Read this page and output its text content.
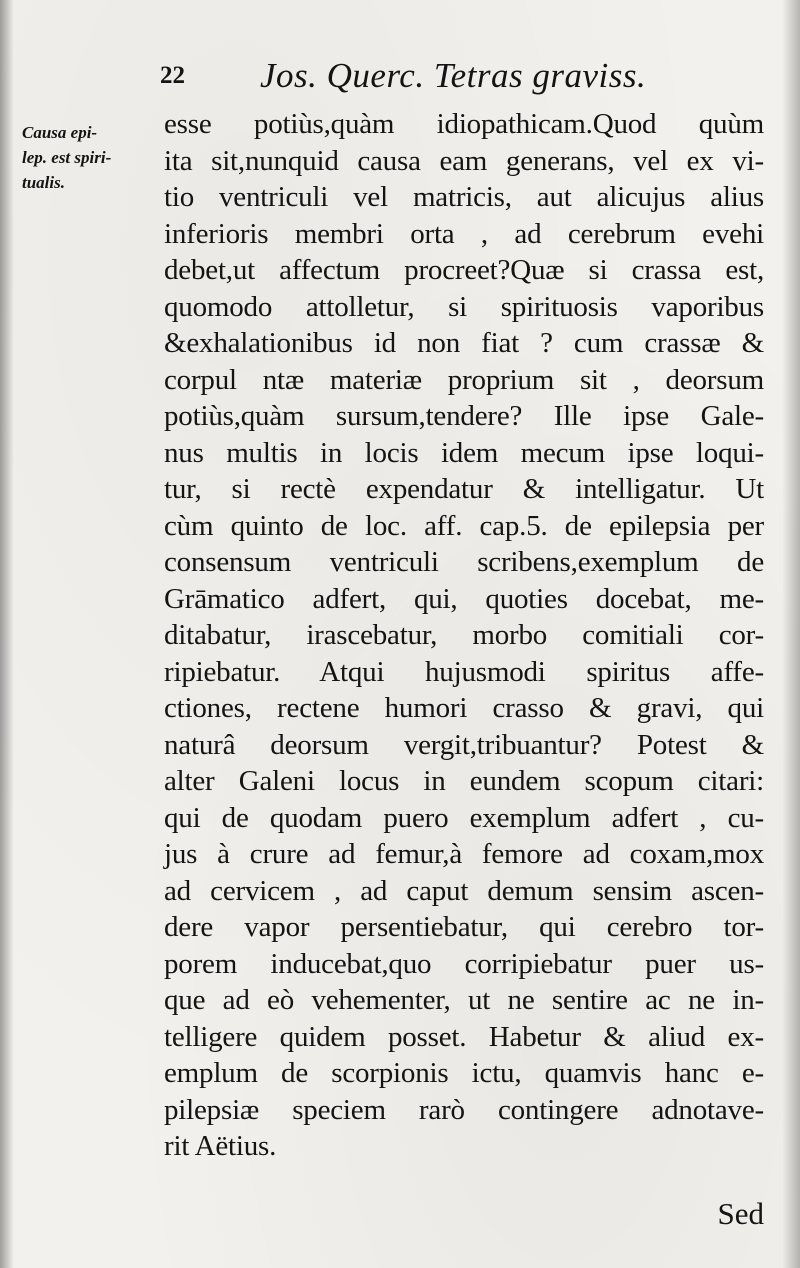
22 Jos. Querc. Tetras graviss.
Causa epi-
lep. est spiri-
tualis.
esse potiùs,quàm idiopathicam.Quod quùm
ita sit,nunquid causa eam generans, vel ex vi-
tio ventriculi vel matricis, aut alicujus alius
inferioris membri orta , ad cerebrum evehi
debet,ut affectum procreet?Quæ si crassa est,
quomodo attolletur, si spirituosis vaporibus
&exhalationibus id non fiat ? cum crassæ &
corpul ntæ materiæ proprium sit , deorsum
potiùs,quàm sursum,tendere? Ille ipse Gale-
nus multis in locis idem mecum ipse loqui-
tur, si rectè expendatur & intelligatur. Ut
cùm quinto de loc. aff. cap.5. de epilepsia per
consensum ventriculi scribens,exemplum de
Grāmatico adfert, qui, quoties docebat, me-
ditabatur, irascebatur, morbo comitiali cor-
ripiebatur. Atqui hujusmodi spiritus affe-
ctiones, rectene humori crasso & gravi, qui
naturâ deorsum vergit,tribuantur? Potest &
alter Galeni locus in eundem scopum citari:
qui de quodam puero exemplum adfert , cu-
jus à crure ad femur,à femore ad coxam,mox
ad cervicem , ad caput demum sensim ascen-
dere vapor persentiebatur, qui cerebro tor-
porem inducebat,quo corripiebatur puer us-
que ad eò vehementer, ut ne sentire ac ne in-
telligere quidem posset. Habetur & aliud ex-
emplum de scorpionis ictu, quamvis hanc e-
pilepsiæ speciem rarò contingere adnotave-
rit Aëtius.
Sed
